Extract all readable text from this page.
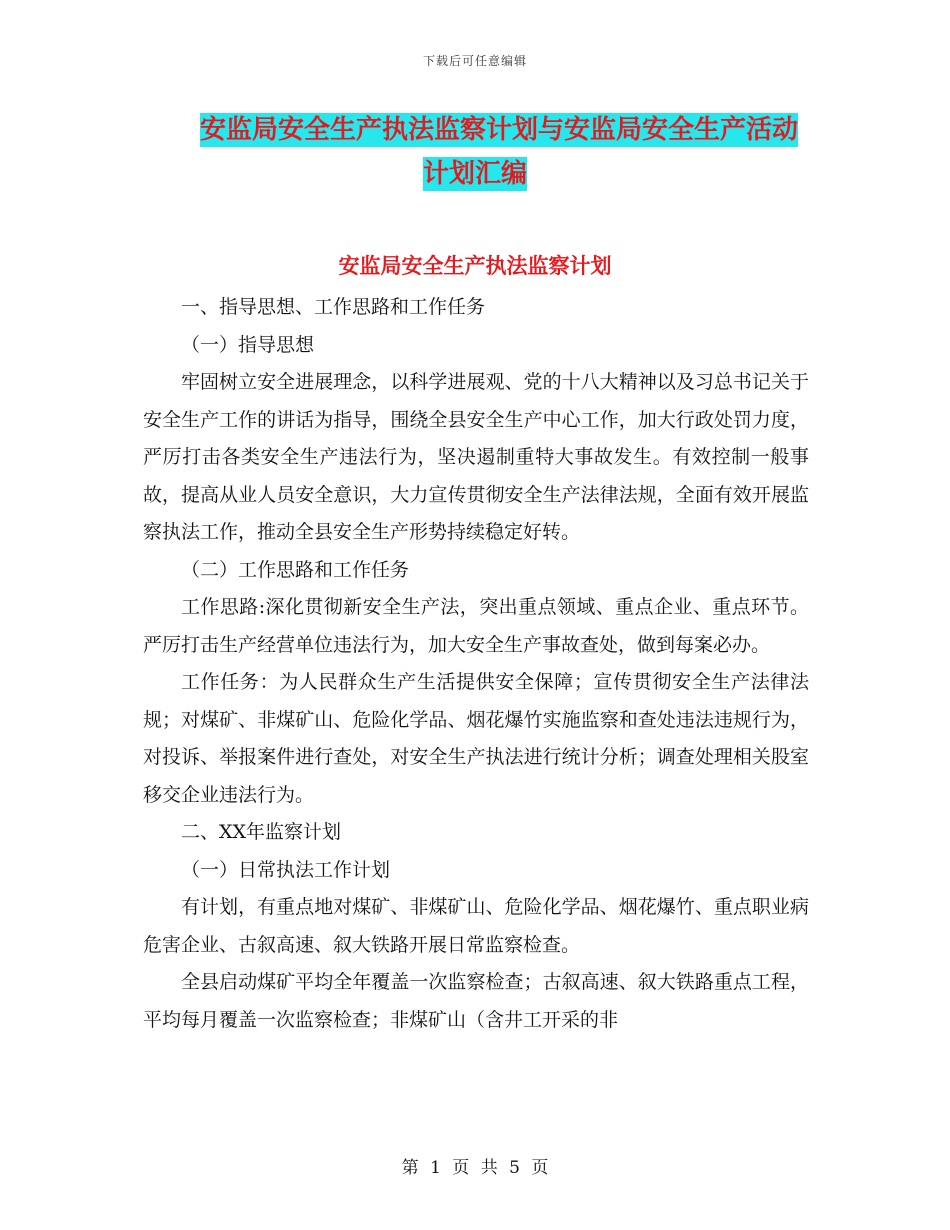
下载后可任意编辑
安监局安全生产执法监察计划与安监局安全生产活动
计划汇编
安监局安全生产执法监察计划

一、指导思想、工作思路和工作任务

（一）指导思想

牢固树立安全进展理念，以科学进展观、党的十八大精神以及习总书记关于安全生产工作的讲话为指导，围绕全县安全生产中心工作，加大行政处罚力度，严厉打击各类安全生产违法行为，坚决遏制重特大事故发生。有效控制一般事故，提高从业人员安全意识，大力宣传贯彻安全生产法律法规，全面有效开展监察执法工作，推动全县安全生产形势持续稳定好转。

（二）工作思路和工作任务

工作思路:深化贯彻新安全生产法，突出重点领域、重点企业、重点环节。严厉打击生产经营单位违法行为，加大安全生产事故查处，做到每案必办。

工作任务：为人民群众生产生活提供安全保障；宣传贯彻安全生产法律法规；对煤矿、非煤矿山、危险化学品、烟花爆竹实施监察和查处违法违规行为，对投诉、举报案件进行查处，对安全生产执法进行统计分析；调查处理相关股室移交企业违法行为。

二、XX年监察计划

（一）日常执法工作计划

有计划，有重点地对煤矿、非煤矿山、危险化学品、烟花爆竹、重点职业病危害企业、古叙高速、叙大铁路开展日常监察检查。

全县启动煤矿平均全年覆盖一次监察检查；古叙高速、叙大铁路重点工程，平均每月覆盖一次监察检查；非煤矿山（含井工开采的非

第 1 页 共 5 页
